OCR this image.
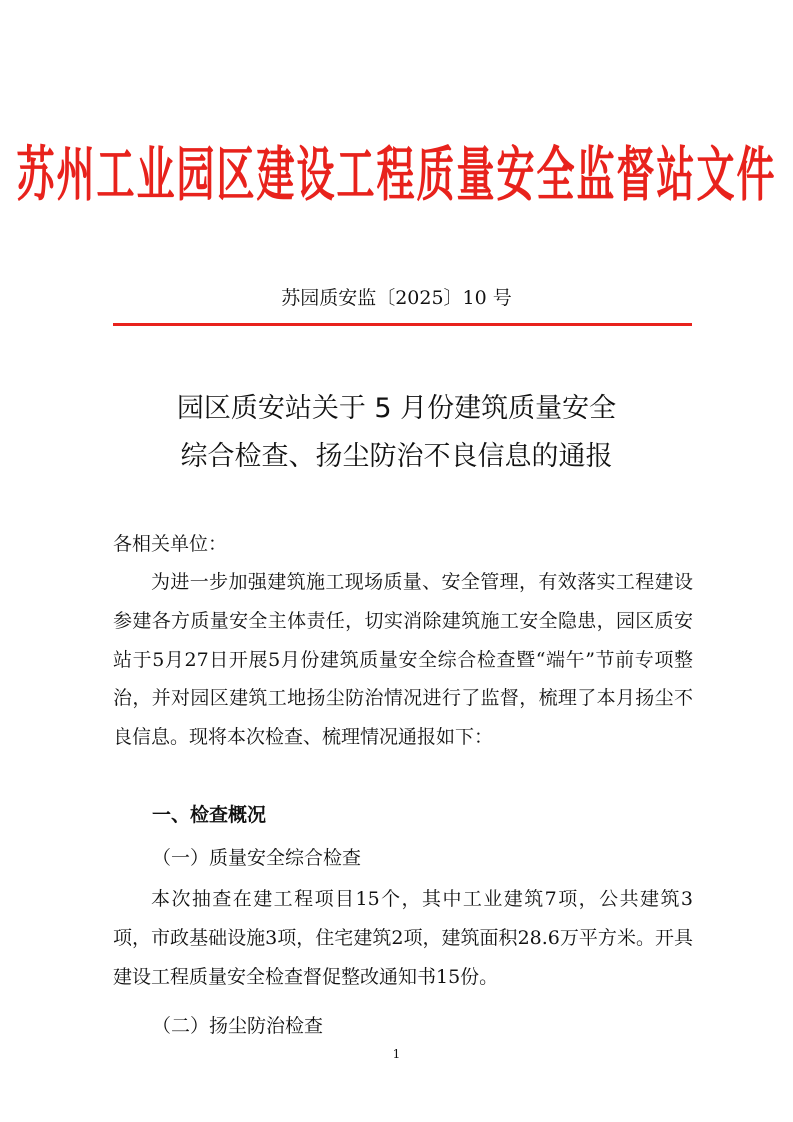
苏州工业园区建设工程质量安全监督站文件
苏园质安监〔2025〕10 号
园区质安站关于 5 月份建筑质量安全
综合检查、扬尘防治不良信息的通报
各相关单位：
为进一步加强建筑施工现场质量、安全管理，有效落实工程建设参建各方质量安全主体责任，切实消除建筑施工安全隐患，园区质安站于5月27日开展5月份建筑质量安全综合检查暨“端午”节前专项整治，并对园区建筑工地扬尘防治情况进行了监督，梳理了本月扬尘不良信息。现将本次检查、梳理情况通报如下：
一、检查概况
（一）质量安全综合检查
本次抽查在建工程项目15个，其中工业建筑7项，公共建筑3项，市政基础设施3项，住宅建筑2项，建筑面积28.6万平方米。开具建设工程质量安全检查督促整改通知书15份。
（二）扬尘防治检查
1
